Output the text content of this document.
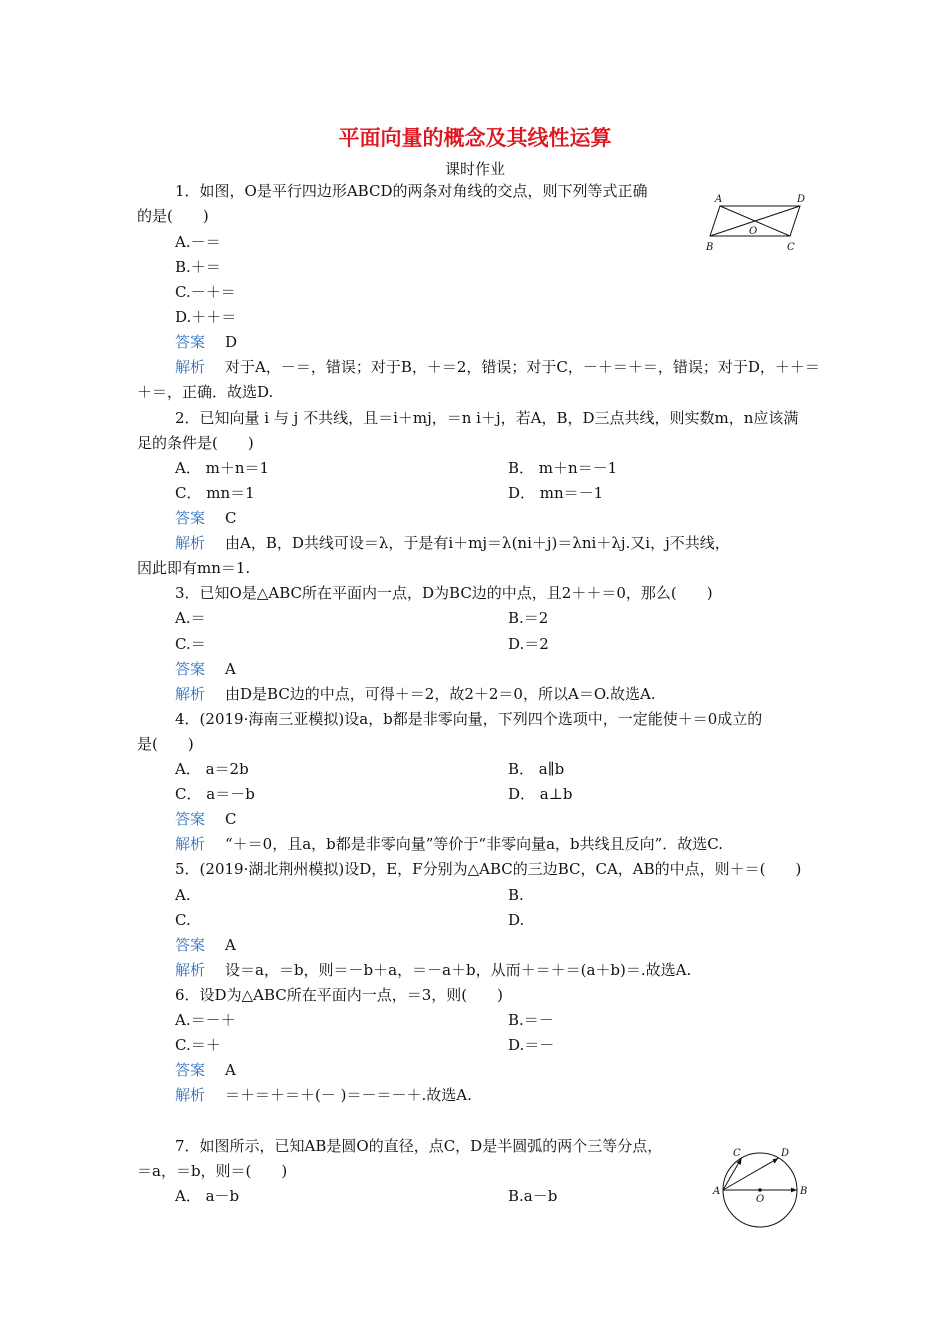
平面向量的概念及其线性运算
课时作业
1．如图，O是平行四边形ABCD的两条对角线的交点，则下列等式正确
的是(　　)
A.－＝
B.＋＝
C.－＋＝
D.＋＋＝
答案 D
解析 对于A，－＝，错误；对于B，＋＝2，错误；对于C，－＋＝＋＝，错误；对于D，＋＋＝
＋＝，正确．故选D.
A	D
O
B	C
2．已知向量 i 与 j 不共线，且＝i＋mj，＝n i＋j，若A，B，D三点共线，则实数m，n应该满
足的条件是(　　)
A． m＋n＝1	B． m＋n＝－1
C． mn＝1	D． mn＝－1
答案 C
解析 由A，B，D共线可设＝λ，于是有i＋mj＝λ(ni＋j)＝λni＋λj.又i，j不共线，
因此即有mn＝1.
3．已知O是△ABC所在平面内一点，D为BC边的中点，且2＋＋＝0，那么(　　)
A.＝	B.＝2
C.＝	D.＝2
答案 A
解析 由D是BC边的中点，可得＋＝2，故2＋2＝0，所以A＝O.故选A.
4．(2019·海南三亚模拟)设a，b都是非零向量，下列四个选项中，一定能使＋＝0成立的
是(　　)
A． a＝2b	B． a∥b
C． a＝－b	D． a⊥b
答案 C
解析 “＋＝0，且a，b都是非零向量”等价于“非零向量a，b共线且反向”．故选C.
5．(2019·湖北荆州模拟)设D，E，F分别为△ABC的三边BC，CA，AB的中点，则＋＝(　　)
A.	B.
C.	D.
答案 A
解析 设＝a，＝b，则＝－b＋a，＝－a＋b，从而＋＝＋＝(a＋b)＝.故选A.
6．设D为△ABC所在平面内一点，＝3，则(　　)
A.＝－＋	B.＝－
C.＝＋	D.＝－
答案 A
解析 ＝＋＝＋＝＋(－ )＝－＝－＋.故选A.
7．如图所示，已知AB是圆O的直径，点C，D是半圆弧的两个三等分点，
＝a，＝b，则＝(　　)
A． a－b	B.a－b
C	D
A
O
B
